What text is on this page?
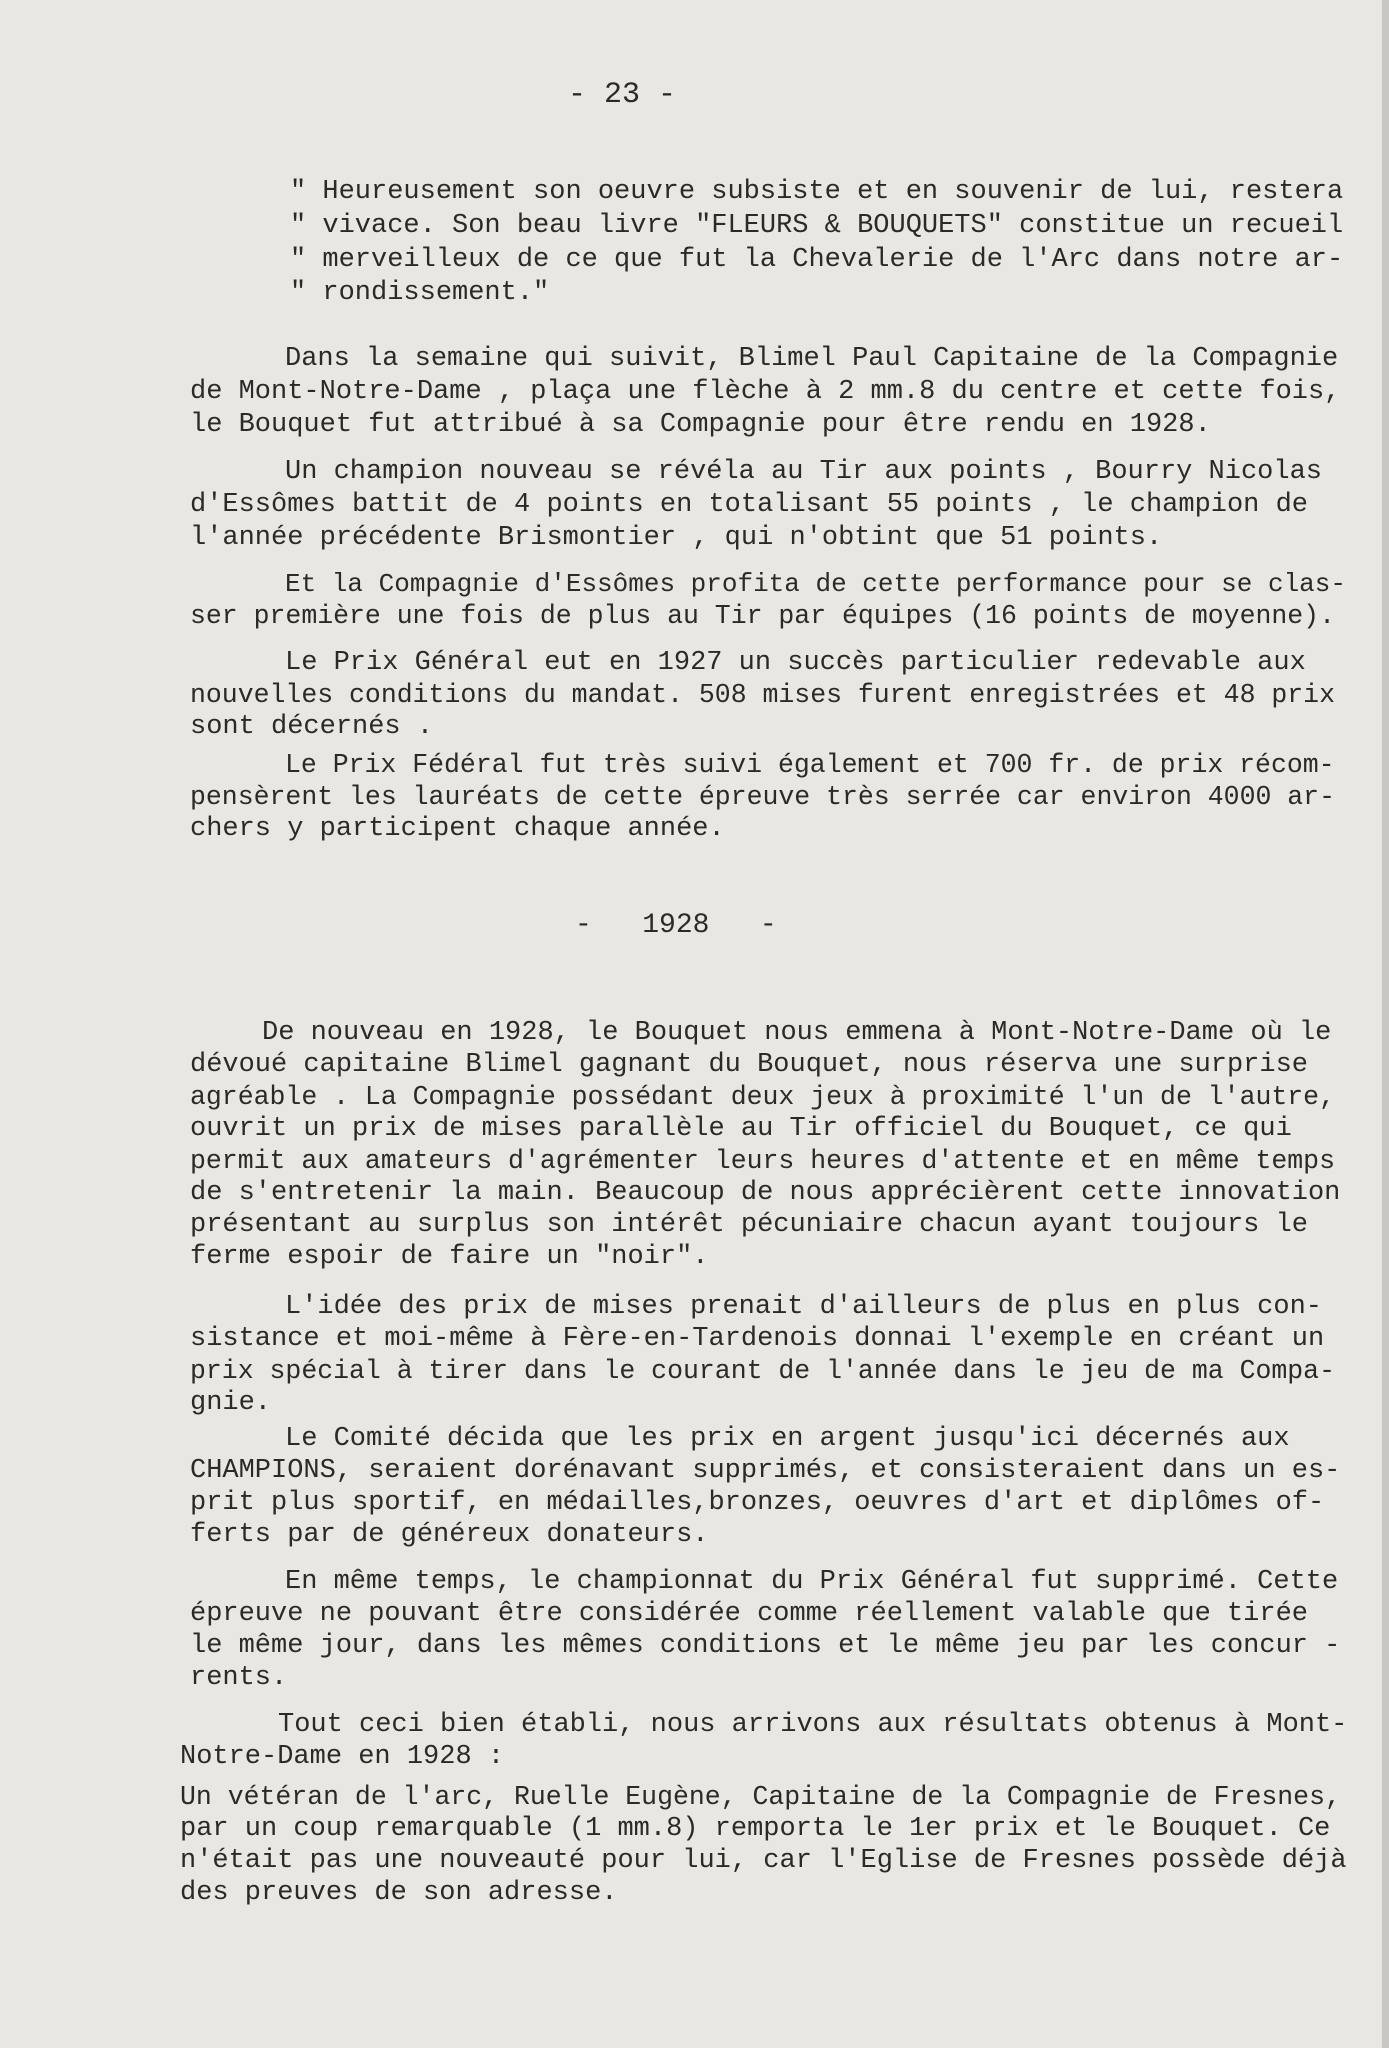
- 23 -
" Heureusement son oeuvre subsiste et en souvenir de lui, restera
" vivace. Son beau livre "FLEURS & BOUQUETS" constitue un recueil
" merveilleux de ce que fut la Chevalerie de l'Arc dans notre ar-
" rondissement."
Dans la semaine qui suivit, Blimel Paul Capitaine de la Compagnie
de Mont-Notre-Dame , plaça une flèche à 2 mm.8 du centre et cette fois,
le Bouquet fut attribué à sa Compagnie pour être rendu en 1928.
Un champion nouveau se révéla au Tir aux points , Bourry Nicolas
d'Essômes battit de 4 points en totalisant 55 points , le champion de
l'année précédente Brismontier , qui n'obtint que 51 points.
Et la Compagnie d'Essômes profita de cette performance pour se clas-
ser première une fois de plus au Tir par équipes (16 points de moyenne).
Le Prix Général eut en 1927 un succès particulier redevable aux
nouvelles conditions du mandat. 508 mises furent enregistrées et 48 prix
sont décernés .
Le Prix Fédéral fut très suivi également et 700 fr. de prix récom-
pensèrent les lauréats de cette épreuve très serrée car environ 4000 ar-
chers y participent chaque année.
-   1928   -
De nouveau en 1928, le Bouquet nous emmena à Mont-Notre-Dame où le
dévoué capitaine Blimel gagnant du Bouquet, nous réserva une surprise
agréable . La Compagnie possédant deux jeux à proximité l'un de l'autre,
ouvrit un prix de mises parallèle au Tir officiel du Bouquet, ce qui
permit aux amateurs d'agrémenter leurs heures d'attente et en même temps
de s'entretenir la main. Beaucoup de nous apprécièrent cette innovation
présentant au surplus son intérêt pécuniaire chacun ayant toujours le
ferme espoir de faire un "noir".
L'idée des prix de mises prenait d'ailleurs de plus en plus con-
sistance et moi-même à Fère-en-Tardenois donnai l'exemple en créant un
prix spécial à tirer dans le courant de l'année dans le jeu de ma Compa-
gnie.
Le Comité décida que les prix en argent jusqu'ici décernés aux
CHAMPIONS, seraient dorénavant supprimés, et consisteraient dans un es-
prit plus sportif, en médailles,bronzes, oeuvres d'art et diplômes of-
ferts par de généreux donateurs.
En même temps, le championnat du Prix Général fut supprimé. Cette
épreuve ne pouvant être considérée comme réellement valable que tirée
le même jour, dans les mêmes conditions et le même jeu par les concur -
rents.
Tout ceci bien établi, nous arrivons aux résultats obtenus à Mont-
Notre-Dame en 1928 :
Un vétéran de l'arc, Ruelle Eugène, Capitaine de la Compagnie de Fresnes,
par un coup remarquable (1 mm.8) remporta le 1er prix et le Bouquet. Ce
n'était pas une nouveauté pour lui, car l'Eglise de Fresnes possède déjà
des preuves de son adresse.
